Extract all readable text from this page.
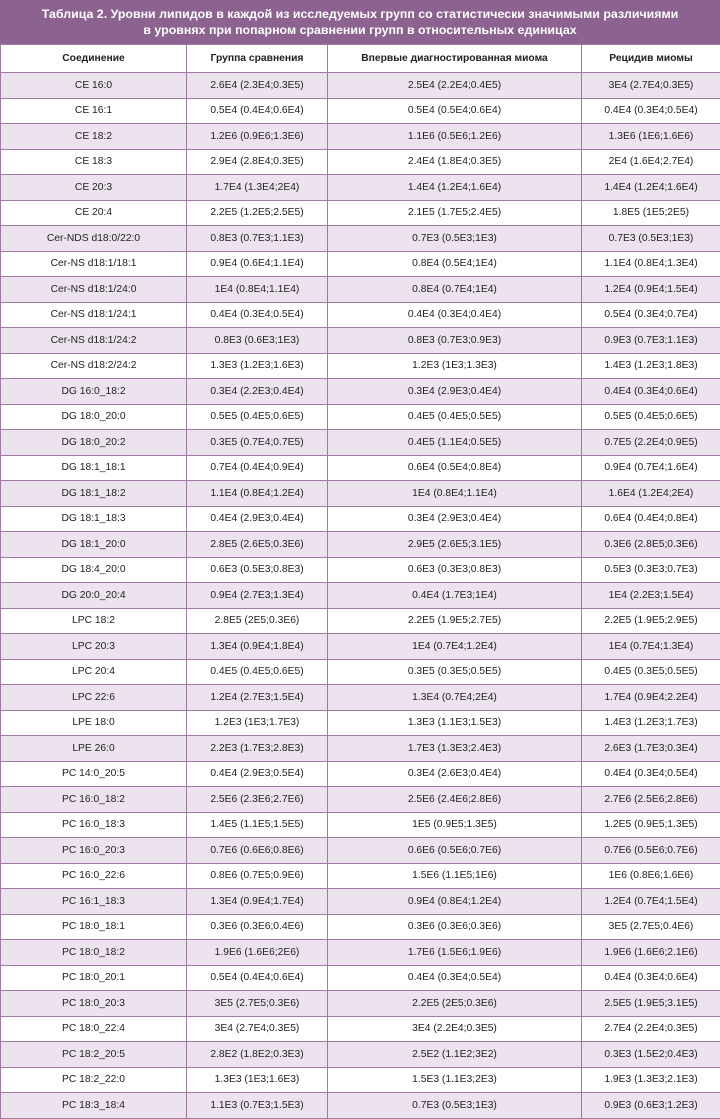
Таблица 2. Уровни липидов в каждой из исследуемых групп со статистически значимыми различиями
в уровнях при попарном сравнении групп в относительных единицах
Соединение	Группа сравнения	Впервые диагностированная миома	Рецидив миомы
CE 16:0	2.6E4 (2.3E4;0.3E5)	2.5E4 (2.2E4;0.4E5)	3E4 (2.7E4;0.3E5)
CE 16:1	0.5E4 (0.4E4;0.6E4)	0.5E4 (0.5E4;0.6E4)	0.4E4 (0.3E4;0.5E4)
CE 18:2	1.2E6 (0.9E6;1.3E6)	1.1E6 (0.5E6;1.2E6)	1.3E6 (1E6;1.6E6)
CE 18:3	2.9E4 (2.8E4;0.3E5)	2.4E4 (1.8E4;0.3E5)	2E4 (1.6E4;2.7E4)
CE 20:3	1.7E4 (1.3E4;2E4)	1.4E4 (1.2E4;1.6E4)	1.4E4 (1.2E4;1.6E4)
CE 20:4	2.2E5 (1.2E5;2.5E5)	2.1E5 (1.7E5;2.4E5)	1.8E5 (1E5;2E5)
Cer-NDS d18:0/22:0	0.8E3 (0.7E3;1.1E3)	0.7E3 (0.5E3;1E3)	0.7E3 (0.5E3;1E3)
Cer-NS d18:1/18:1	0.9E4 (0.6E4;1.1E4)	0.8E4 (0.5E4;1E4)	1.1E4 (0.8E4;1.3E4)
Cer-NS d18:1/24:0	1E4 (0.8E4;1.1E4)	0.8E4 (0.7E4;1E4)	1.2E4 (0.9E4;1.5E4)
Cer-NS d18:1/24:1	0.4E4 (0.3E4;0.5E4)	0.4E4 (0.3E4;0.4E4)	0.5E4 (0.3E4;0.7E4)
Cer-NS d18:1/24:2	0.8E3 (0.6E3;1E3)	0.8E3 (0.7E3;0.9E3)	0.9E3 (0.7E3;1.1E3)
Cer-NS d18:2/24:2	1.3E3 (1.2E3;1.6E3)	1.2E3 (1E3;1.3E3)	1.4E3 (1.2E3;1.8E3)
DG 16:0_18:2	0.3E4 (2.2E3;0.4E4)	0.3E4 (2.9E3;0.4E4)	0.4E4 (0.3E4;0.6E4)
DG 18:0_20:0	0.5E5 (0.4E5;0.6E5)	0.4E5 (0.4E5;0.5E5)	0.5E5 (0.4E5;0.6E5)
DG 18:0_20:2	0.3E5 (0.7E4;0.7E5)	0.4E5 (1.1E4;0.5E5)	0.7E5 (2.2E4;0.9E5)
DG 18:1_18:1	0.7E4 (0.4E4;0.9E4)	0.6E4 (0.5E4;0.8E4)	0.9E4 (0.7E4;1.6E4)
DG 18:1_18:2	1.1E4 (0.8E4;1.2E4)	1E4 (0.8E4;1.1E4)	1.6E4 (1.2E4;2E4)
DG 18:1_18:3	0.4E4 (2.9E3;0.4E4)	0.3E4 (2.9E3;0.4E4)	0.6E4 (0.4E4;0.8E4)
DG 18:1_20:0	2.8E5 (2.6E5;0.3E6)	2.9E5 (2.6E5;3.1E5)	0.3E6 (2.8E5;0.3E6)
DG 18:4_20:0	0.6E3 (0.5E3;0.8E3)	0.6E3 (0.3E3;0.8E3)	0.5E3 (0.3E3;0.7E3)
DG 20:0_20:4	0.9E4 (2.7E3;1.3E4)	0.4E4 (1.7E3;1E4)	1E4 (2.2E3;1.5E4)
LPC 18:2	2.8E5 (2E5;0.3E6)	2.2E5 (1.9E5;2.7E5)	2.2E5 (1.9E5;2.9E5)
LPC 20:3	1.3E4 (0.9E4;1.8E4)	1E4 (0.7E4;1.2E4)	1E4 (0.7E4;1.3E4)
LPC 20:4	0.4E5 (0.4E5;0.6E5)	0.3E5 (0.3E5;0.5E5)	0.4E5 (0.3E5;0.5E5)
LPC 22:6	1.2E4 (2.7E3;1.5E4)	1.3E4 (0.7E4;2E4)	1.7E4 (0.9E4;2.2E4)
LPE 18:0	1.2E3 (1E3;1.7E3)	1.3E3 (1.1E3;1.5E3)	1.4E3 (1.2E3;1.7E3)
LPE 26:0	2.2E3 (1.7E3;2.8E3)	1.7E3 (1.3E3;2.4E3)	2.6E3 (1.7E3;0.3E4)
PC 14:0_20:5	0.4E4 (2.9E3;0.5E4)	0.3E4 (2.6E3;0.4E4)	0.4E4 (0.3E4;0.5E4)
PC 16:0_18:2	2.5E6 (2.3E6;2.7E6)	2.5E6 (2.4E6;2.8E6)	2.7E6 (2.5E6;2.8E6)
PC 16:0_18:3	1.4E5 (1.1E5;1.5E5)	1E5 (0.9E5;1.3E5)	1.2E5 (0.9E5;1.3E5)
PC 16:0_20:3	0.7E6 (0.6E6;0.8E6)	0.6E6 (0.5E6;0.7E6)	0.7E6 (0.5E6;0.7E6)
PC 16:0_22:6	0.8E6 (0.7E5;0.9E6)	1.5E6 (1.1E5;1E6)	1E6 (0.8E6;1.6E6)
PC 16:1_18:3	1.3E4 (0.9E4;1.7E4)	0.9E4 (0.8E4;1.2E4)	1.2E4 (0.7E4;1.5E4)
PC 18:0_18:1	0.3E6 (0.3E6;0.4E6)	0.3E6 (0.3E6;0.3E6)	3E5 (2.7E5;0.4E6)
PC 18:0_18:2	1.9E6 (1.6E6;2E6)	1.7E6 (1.5E6;1.9E6)	1.9E6 (1.6E6;2.1E6)
PC 18:0_20:1	0.5E4 (0.4E4;0.6E4)	0.4E4 (0.3E4;0.5E4)	0.4E4 (0.3E4;0.6E4)
PC 18:0_20:3	3E5 (2.7E5;0.3E6)	2.2E5 (2E5;0.3E6)	2.5E5 (1.9E5;3.1E5)
PC 18:0_22:4	3E4 (2.7E4;0.3E5)	3E4 (2.2E4;0.3E5)	2.7E4 (2.2E4;0.3E5)
PC 18:2_20:5	2.8E2 (1.8E2;0.3E3)	2.5E2 (1.1E2;3E2)	0.3E3 (1.5E2;0.4E3)
PC 18:2_22:0	1.3E3 (1E3;1.6E3)	1.5E3 (1.1E3;2E3)	1.9E3 (1.3E3;2.1E3)
PC 18:3_18:4	1.1E3 (0.7E3;1.5E3)	0.7E3 (0.5E3;1E3)	0.9E3 (0.6E3;1.2E3)
